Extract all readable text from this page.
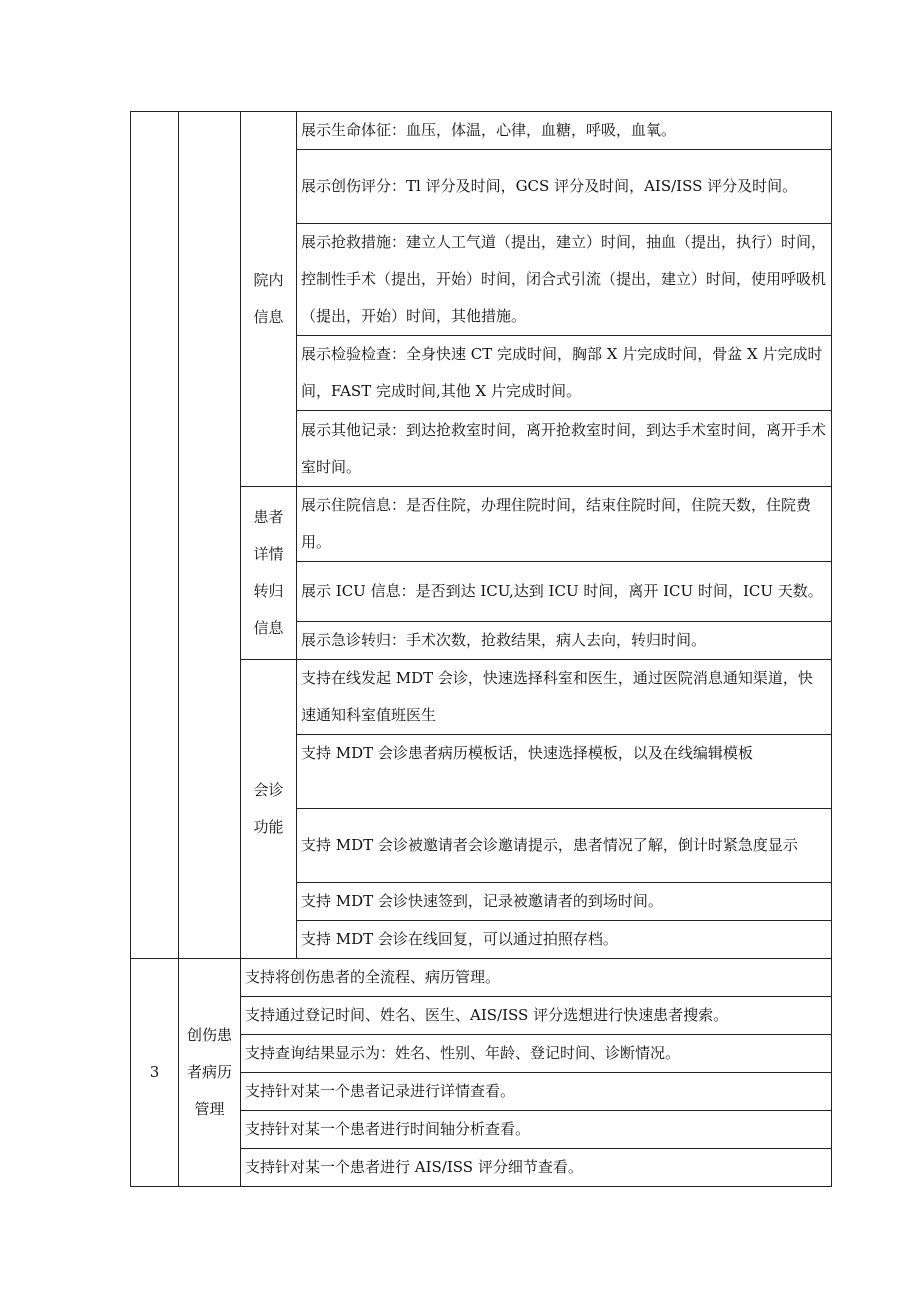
		院内信息	展示生命体征：血压，体温，心律，血糖，呼吸，血氧。
			展示创伤评分：Tl 评分及时间，GCS 评分及时间，AIS/ISS 评分及时间。
			展示抢救措施：建立人工气道（提出，建立）时间，抽血（提出，执行）时间，控制性手术（提出，开始）时间，闭合式引流（提出，建立）时间，使用呼吸机（提出，开始）时间，其他措施。
			展示检验检查：全身快速 CT 完成时间，胸部 X 片完成时间，骨盆 X 片完成时间，FAST 完成时间,其他 X 片完成时间。
			展示其他记录：到达抢救室时间，离开抢救室时间，到达手术室时间，离开手术室时间。

		患者详情转归信息	展示住院信息：是否住院，办理住院时间，结束住院时间，住院天数，住院费用。
			展示 ICU 信息：是否到达 ICU,达到 ICU 时间，离开 ICU 时间，ICU 天数。
			展示急诊转归：手术次数，抢救结果，病人去向，转归时间。

		会诊功能	支持在线发起 MDT 会诊，快速选择科室和医生，通过医院消息通知渠道，快速通知科室值班医生
			支持 MDT 会诊患者病历模板话，快速选择模板，以及在线编辑模板
			支持 MDT 会诊被邀请者会诊邀请提示，患者情况了解，倒计时紧急度显示
			支持 MDT 会诊快速签到，记录被邀请者的到场时间。
			支持 MDT 会诊在线回复，可以通过拍照存档。
3	创伤患者病历管理	支持将创伤患者的全流程、病历管理。	
		支持通过登记时间、姓名、医生、AIS/ISS 评分选想进行快速患者搜索。	
		支持查询结果显示为：姓名、性别、年龄、登记时间、诊断情况。	
		支持针对某一个患者记录进行详情查看。	
		支持针对某一个患者进行时间轴分析查看。	
		支持针对某一个患者进行 AIS/ISS 评分细节查看。	
